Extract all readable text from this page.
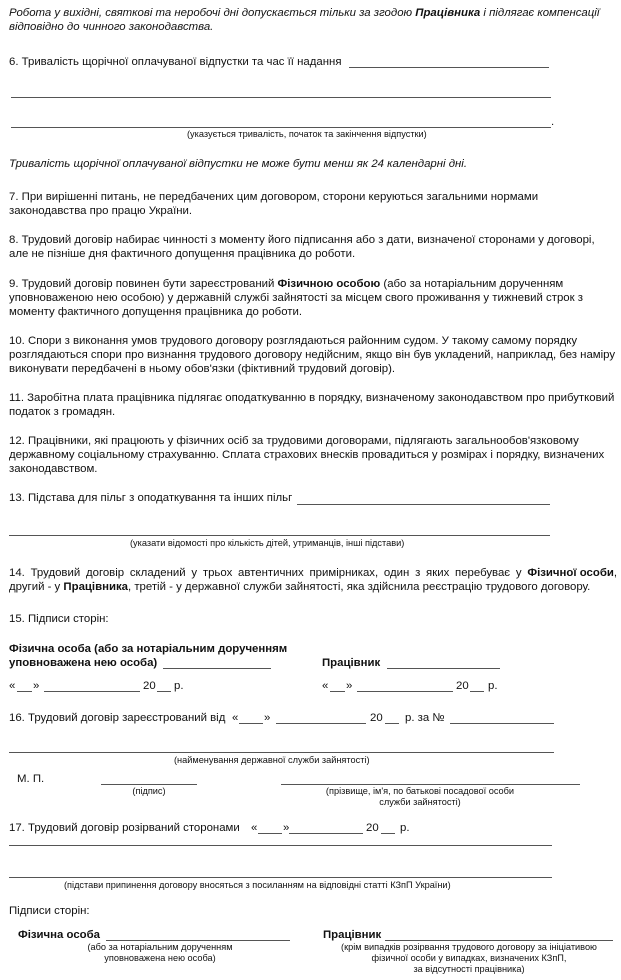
Робота у вихідні, святкові та неробочі дні допускається тільки за згодою Працівника і підлягає компенсації
відповідно до чинного законодавства.
6. Тривалість щорічної оплачуваної відпустки та час її надання
.
(указується тривалість, початок та закінчення відпустки)
Тривалість щорічної оплачуваної відпустки не може бути менш як 24 календарні дні.
7. При вирішенні питань, не передбачених цим договором, сторони керуються загальними нормами
законодавства про працю України.
8. Трудовий договір набирає чинності з моменту його підписання або з дати, визначеної сторонами у договорі,
але не пізніше дня фактичного допущення працівника до роботи.
9. Трудовий договір повинен бути зареєстрований Фізичною особою (або за нотаріальним дорученням
уповноваженою нею особою) у державній службі зайнятості за місцем свого проживання у тижневий строк з
моменту фактичного допущення працівника до роботи.
10. Спори з виконання умов трудового договору розглядаються районним судом. У такому самому порядку
розглядаються спори про визнання трудового договору недійсним, якщо він був укладений, наприклад, без наміру
виконувати передбачені в ньому обов'язки (фіктивний трудовий договір).
11. Заробітна плата працівника підлягає оподаткуванню в порядку, визначеному законодавством про прибутковий
податок з громадян.
12. Працівники, які працюють у фізичних осіб за трудовими договорами, підлягають загальнообов'язковому
державному соціальному страхуванню. Сплата страхових внесків провадиться у розмірах і порядку, визначених
законодавством.
13. Підстава для пільг з оподаткування та інших пільг
(указати відомості про кількість дітей, утриманців, інші підстави)
14. Трудовий договір складений у трьох автентичних примірниках, один з яких перебуває у Фізичної особи,
другий - у Працівника, третій - у державної служби зайнятості, яка здійснила реєстрацію трудового договору.
15. Підписи сторін:
Фізична особа (або за нотаріальним дорученням
уповноважена нею особа)	Працівник
« »	20 р.	« »	20 р.
16. Трудовий договір зареєстрований від « »	20 р. за №
(найменування державної служби зайнятості)
М. П.
(підпис)	(прізвище, ім'я, по батькові посадової особи
служби зайнятості)
17. Трудовий договір розірваний сторонами « »	20 р.
(підстави припинення договору вносяться з посиланням на відповідні статті КЗпП України)
Підписи сторін:
Фізична особа
(або за нотаріальним дорученням
уповноважена нею особа)
Працівник
(крім випадків розірвання трудового договору за ініціативою
фізичної особи у випадках, визначених КЗпП,
за відсутності працівника)
